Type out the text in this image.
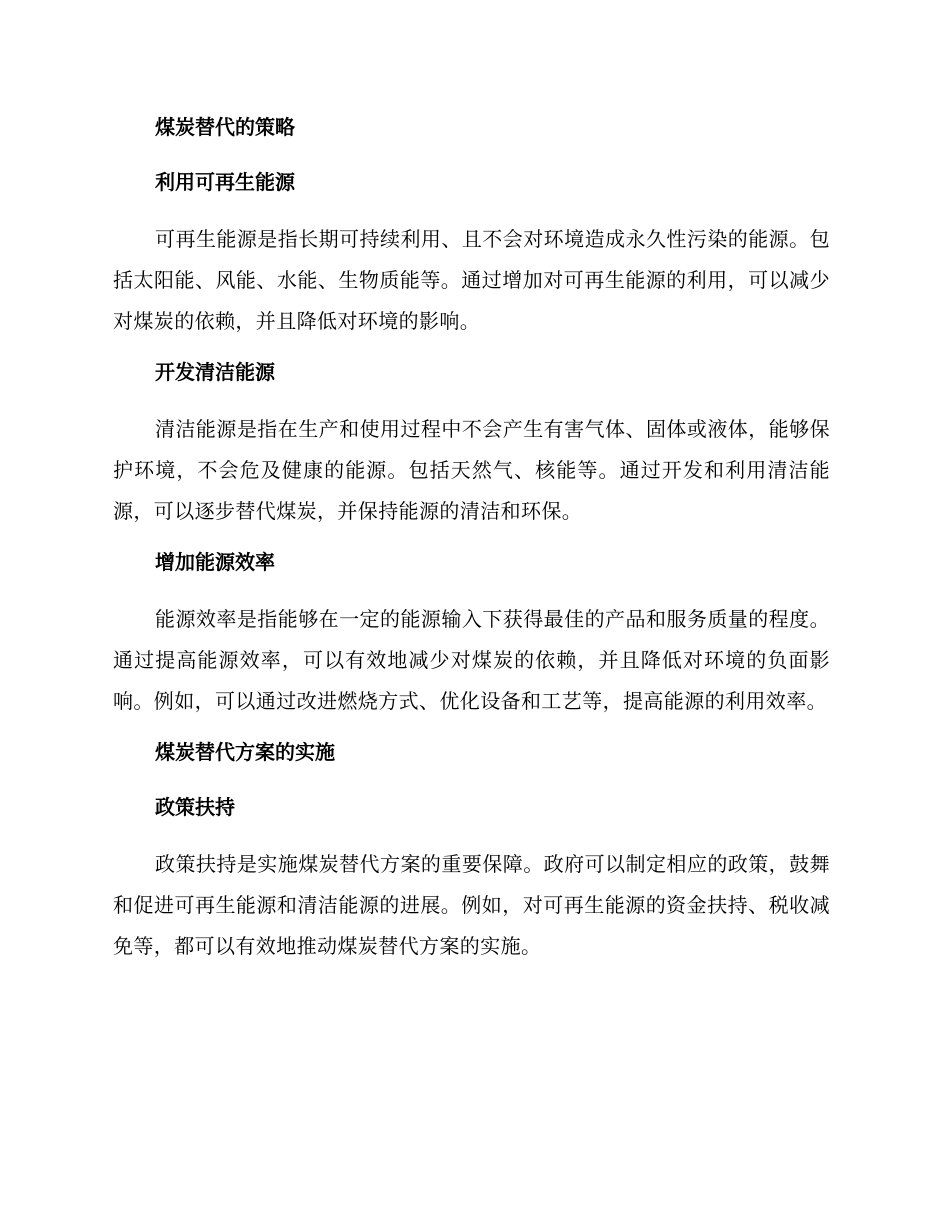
煤炭替代的策略
利用可再生能源

可再生能源是指长期可持续利用、且不会对环境造成永久性污染的能源。包括太阳能、风能、水能、生物质能等。通过增加对可再生能源的利用，可以减少对煤炭的依赖，并且降低对环境的影响。

开发清洁能源

清洁能源是指在生产和使用过程中不会产生有害气体、固体或液体，能够保护环境，不会危及健康的能源。包括天然气、核能等。通过开发和利用清洁能源，可以逐步替代煤炭，并保持能源的清洁和环保。

增加能源效率

能源效率是指能够在一定的能源输入下获得最佳的产品和服务质量的程度。通过提高能源效率，可以有效地减少对煤炭的依赖，并且降低对环境的负面影响。例如，可以通过改进燃烧方式、优化设备和工艺等，提高能源的利用效率。

煤炭替代方案的实施
政策扶持

政策扶持是实施煤炭替代方案的重要保障。政府可以制定相应的政策，鼓舞和促进可再生能源和清洁能源的进展。例如，对可再生能源的资金扶持、税收减免等，都可以有效地推动煤炭替代方案的实施。
